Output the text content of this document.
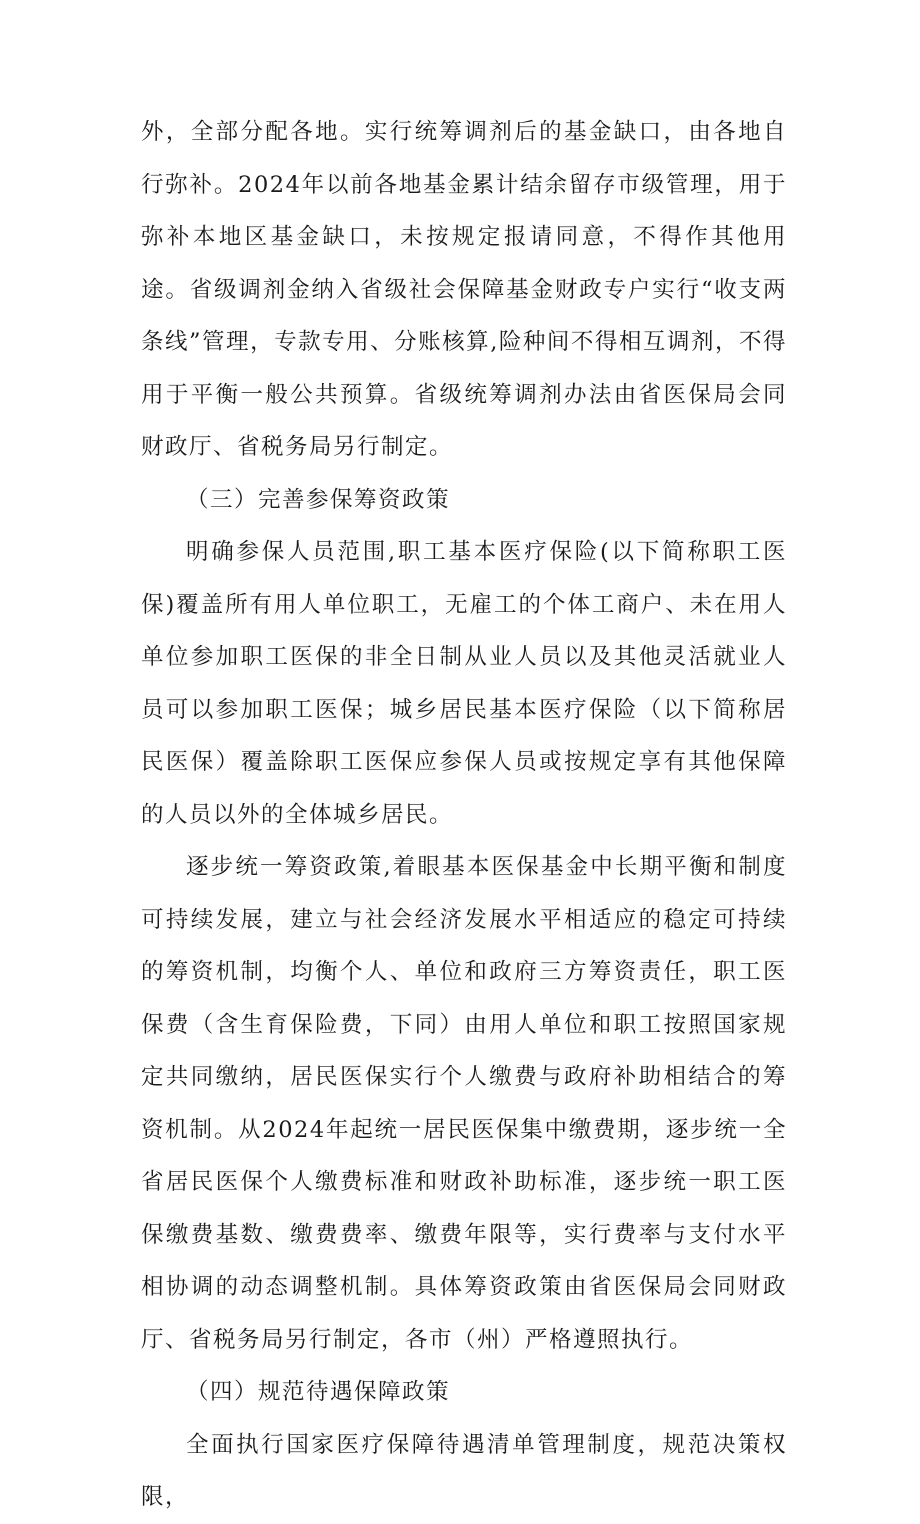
外，全部分配各地。实行统筹调剂后的基金缺口，由各地自行弥补。2024年以前各地基金累计结余留存市级管理，用于弥补本地区基金缺口，未按规定报请同意，不得作其他用途。省级调剂金纳入省级社会保障基金财政专户实行“收支两条线”管理，专款专用、分账核算,险种间不得相互调剂，不得用于平衡一般公共预算。省级统筹调剂办法由省医保局会同财政厅、省税务局另行制定。

（三）完善参保筹资政策

明确参保人员范围,职工基本医疗保险(以下简称职工医保)覆盖所有用人单位职工，无雇工的个体工商户、未在用人单位参加职工医保的非全日制从业人员以及其他灵活就业人员可以参加职工医保；城乡居民基本医疗保险（以下简称居民医保）覆盖除职工医保应参保人员或按规定享有其他保障的人员以外的全体城乡居民。

逐步统一筹资政策,着眼基本医保基金中长期平衡和制度可持续发展，建立与社会经济发展水平相适应的稳定可持续的筹资机制，均衡个人、单位和政府三方筹资责任，职工医保费（含生育保险费，下同）由用人单位和职工按照国家规定共同缴纳，居民医保实行个人缴费与政府补助相结合的筹资机制。从2024年起统一居民医保集中缴费期，逐步统一全省居民医保个人缴费标准和财政补助标准，逐步统一职工医保缴费基数、缴费费率、缴费年限等，实行费率与支付水平相协调的动态调整机制。具体筹资政策由省医保局会同财政厅、省税务局另行制定，各市（州）严格遵照执行。

（四）规范待遇保障政策

全面执行国家医疗保障待遇清单管理制度，规范决策权限，
